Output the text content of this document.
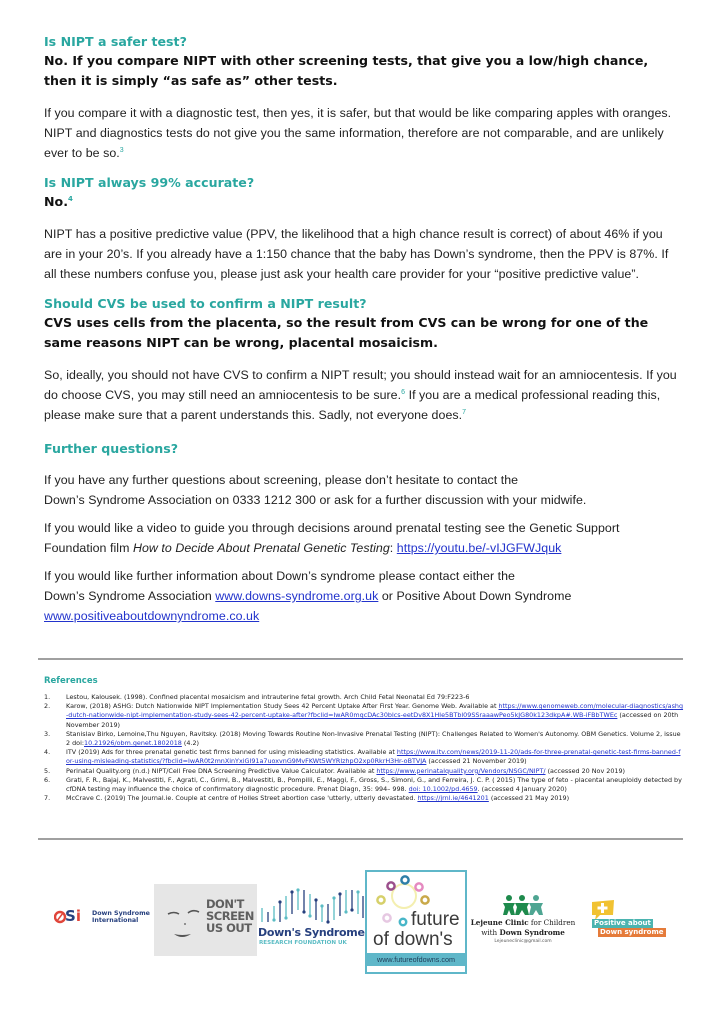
Is NIPT a safer test?
No. If you compare NIPT with other screening tests, that give you a low/high chance, then it is simply “as safe as” other tests.
If you compare it with a diagnostic test, then yes, it is safer, but that would be like comparing apples with oranges. NIPT and diagnostics tests do not give you the same information, therefore are not comparable, and are unlikely ever to be so.$^3$
Is NIPT always 99% accurate?
No.$^4$
NIPT has a positive predictive value (PPV, the likelihood that a high chance result is correct) of about 46% if you are in your 20’s. If you already have a 1:150 chance that the baby has Down’s syndrome, then the PPV is 87%. If all these numbers confuse you, please just ask your health care provider for your “positive predictive value”.
Should CVS be used to confirm a NIPT result?
CVS uses cells from the placenta, so the result from CVS can be wrong for one of the same reasons NIPT can be wrong, placental mosaicism.
So, ideally, you should not have CVS to confirm a NIPT result; you should instead wait for an amniocentesis. If you do choose CVS, you may still need an amniocentesis to be sure.$^6$ If you are a medical professional reading this, please make sure that a parent understands this. Sadly, not everyone does.$^7$
Further questions?
If you have any further questions about screening, please don’t hesitate to contact the
Down’s Syndrome Association on 0333 1212 300 or ask for a further discussion with your midwife.
If you would like a video to guide you through decisions around prenatal testing see the Genetic Support Foundation film How to Decide About Prenatal Genetic Testing: https://youtu.be/-vIJGFWJquk
If you would like further information about Down’s syndrome please contact either the
Down’s Syndrome Association www.downs-syndrome.org.uk or Positive About Down Syndrome
www.positiveaboutdownyndrome.co.uk
References
1.	Lestou, Kalousek. (1998). Confined placental mosaicism and intrauterine fetal growth. Arch Child Fetal Neonatal Ed 79:F223-6
2.	Karow, (2018) ASHG: Dutch Nationwide NIPT Implementation Study Sees 42 Percent Uptake After First Year. Genome Web. Available at https://www.genomeweb.com/molecular-diagnostics/ashg-dutch-nationwide-nipt-implementation-study-sees-42-percent-uptake-after?fbclid=IwAR0mqcDAc30blcs-eetDv8X1Hle5BTbl09SSraaawPeo5kJG80k123dkpA#.WB-iFBbTWEc (accessed on 20th November 2019)
3.	Stanislav Birko, Lemoine,Thu Nguyen, Ravitsky. (2018) Moving Towards Routine Non-Invasive Prenatal Testing (NIPT): Challenges Related to Women's Autonomy. OBM Genetics. Volume 2, issue 2 doi:10.21926/obm.genet.1802018 (4.2)
4.	ITV (2019) Ads for three prenatal genetic test firms banned for using misleading statistics. Available at https://www.itv.com/news/2019-11-20/ads-for-three-prenatal-genetic-test-firms-banned-for-using-misleading-statistics/?fbclid=IwAR0t2mnXinYxiGI91a7uoxvnG9MvFKWt5WYRlzhpO2xp0RkrH3Hr-oBTVJA (accessed 21 November 2019)
5.	Perinatal Quality.org (n.d.) NIPT/Cell Free DNA Screening Predictive Value Calculator. Available at https://www.perinatalquality.org/Vendors/NSGC/NIPT/ (accessed 20 Nov 2019)
6.	Grati, F. R., Bajaj, K., Malvestiti, F., Agrati, C., Grimi, B., Malvestiti, B., Pompilii, E., Maggi, F., Gross, S., Simoni, G., and Ferreira, J. C. P. ( 2015) The type of feto - placental aneuploidy detected by cfDNA testing may influence the choice of confirmatory diagnostic procedure. Prenat Diagn, 35: 994– 998. doi: 10.1002/pd.4659. (accessed 4 January 2020)
7.	McCrave C. (2019) The Journal.ie. Couple at centre of Holles Street abortion case 'utterly, utterly devastated. https://jrnl.ie/4641201 (accessed 21 May 2019)
Si Down Syndrome
International
DON'T
SCREEN
US OUT Down's Syndrome
RESEARCH FOUNDATION UK
future
of down's
www.futureofdowns.com
Lejeune Clinic for Children
with Down Syndrome
Lejeuneclinic@gmail.com
Positive about
Down syndrome
